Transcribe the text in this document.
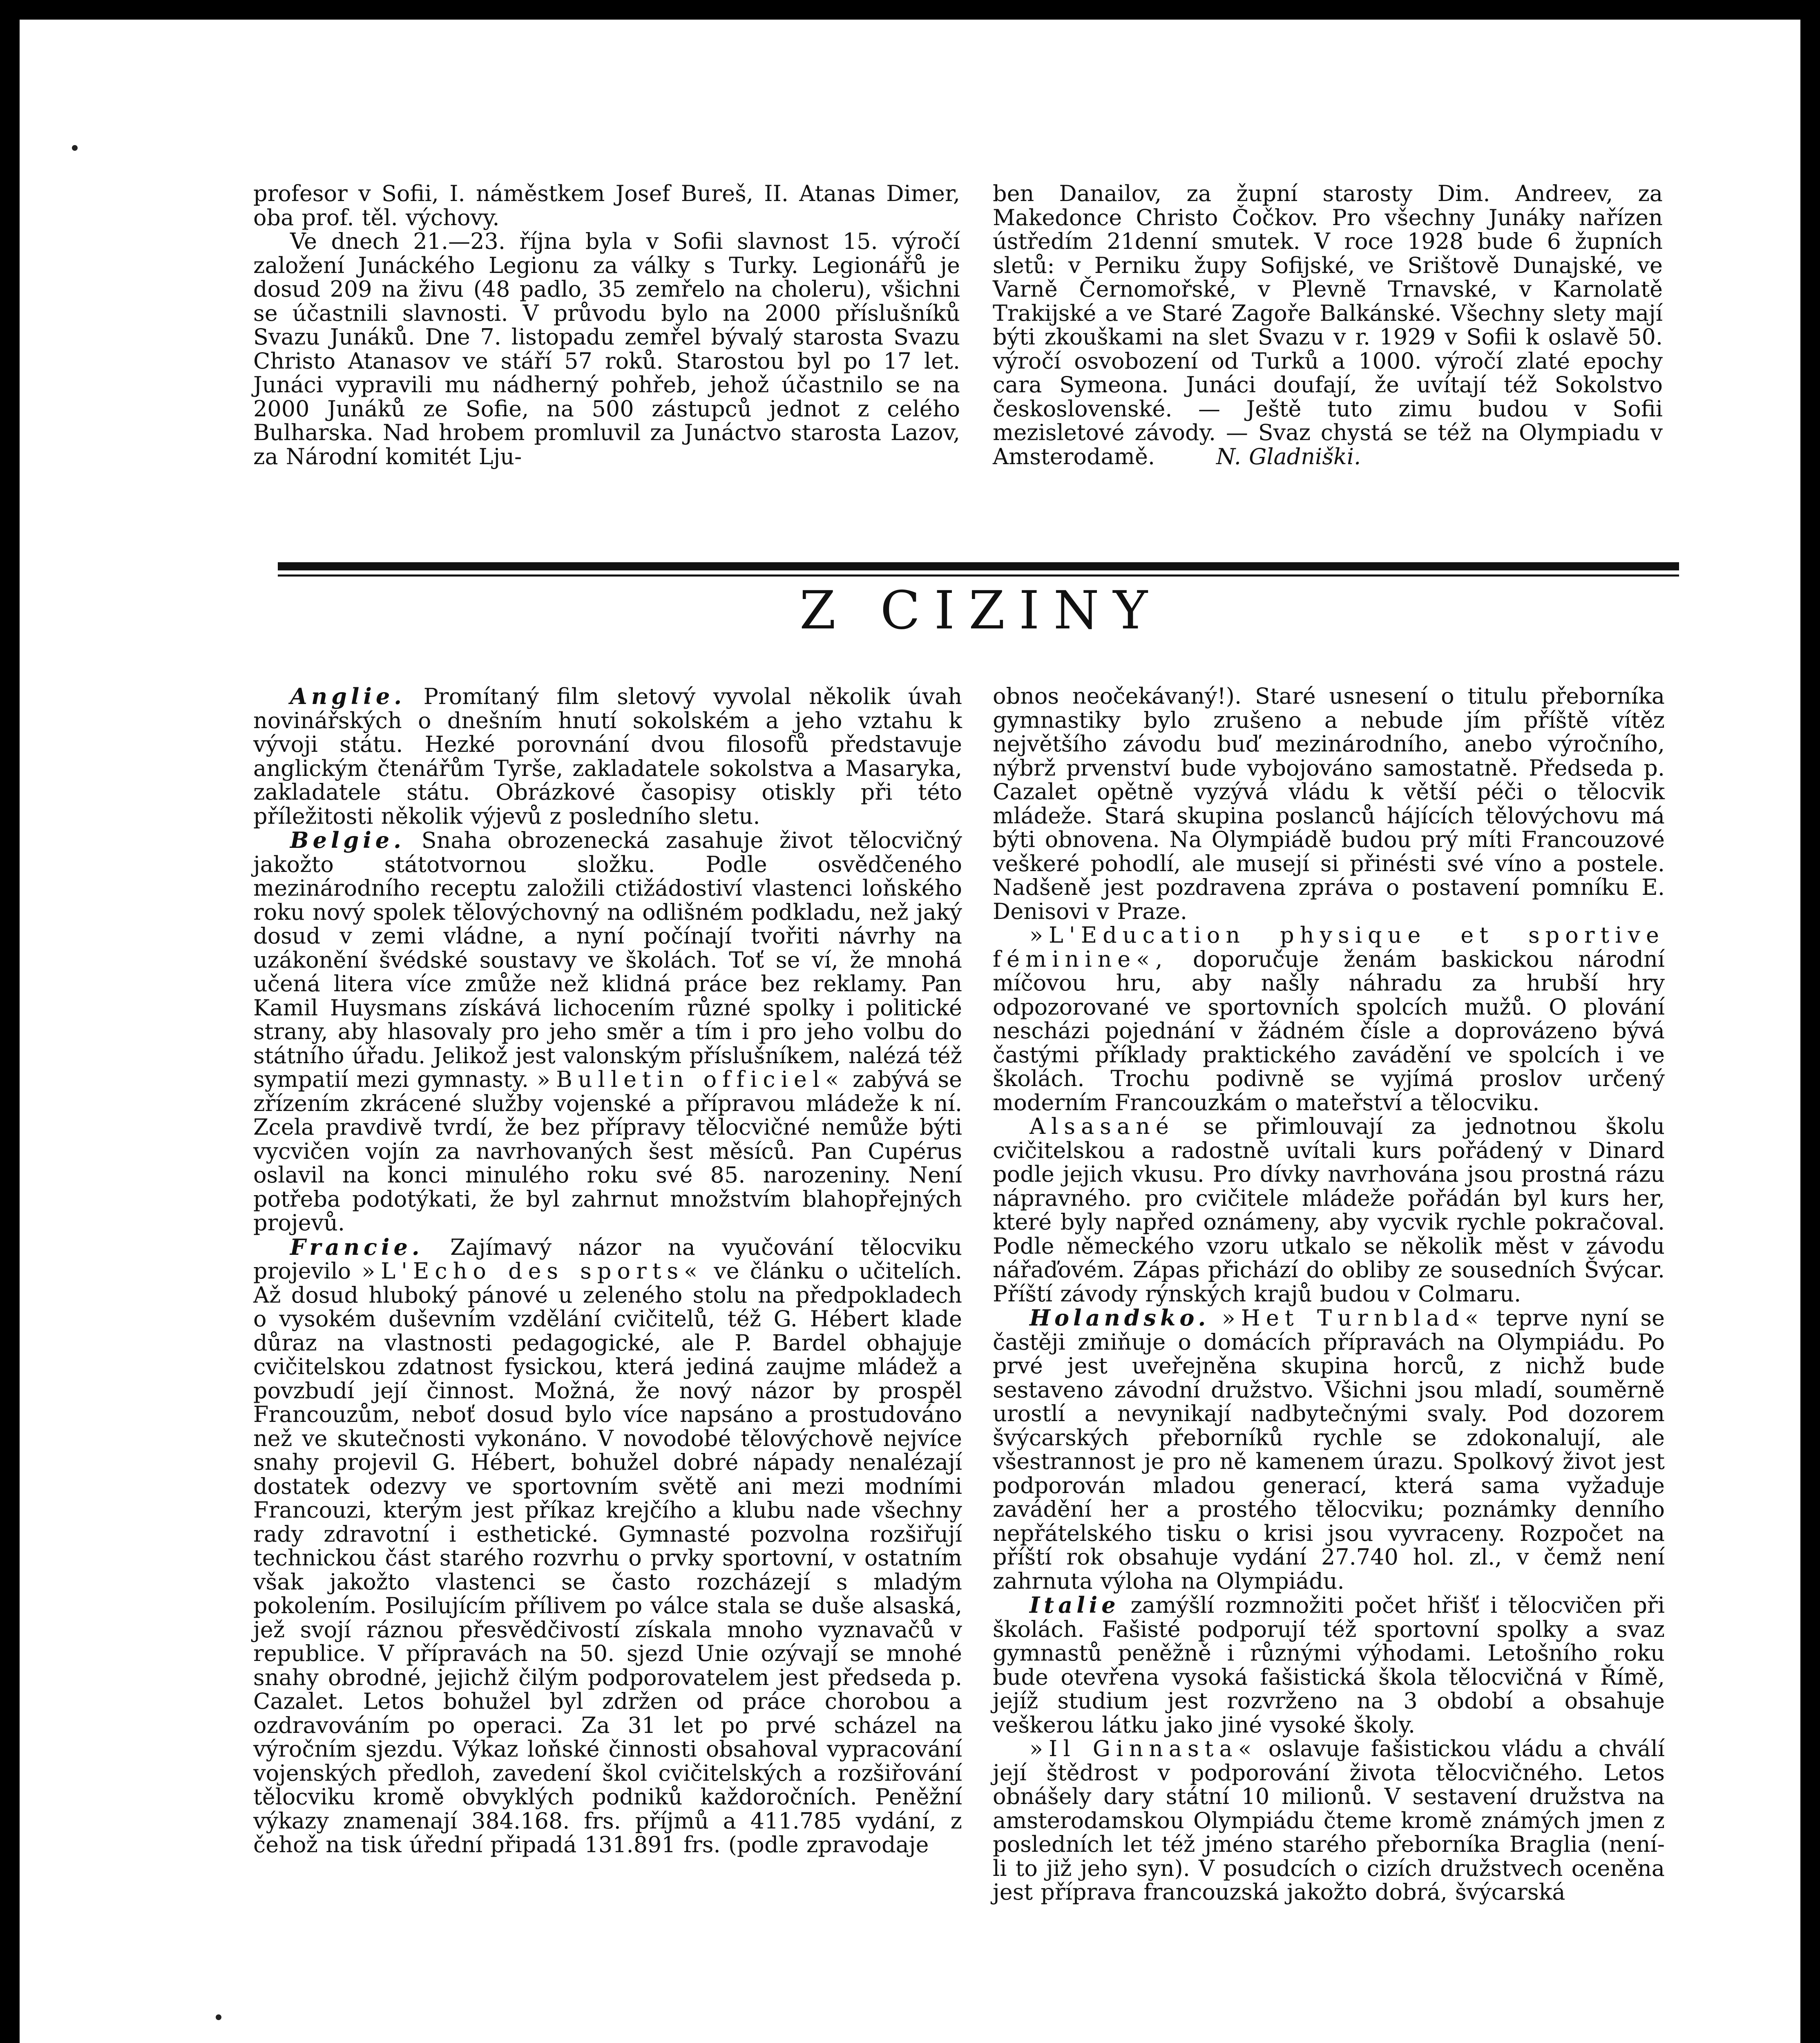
profesor v Sofii, I. náměstkem Josef Bureš, II. Atanas Dimer, oba prof. těl. výchovy.

Ve dnech 21.—23. října byla v Sofii slavnost 15. výročí založení Junáckého Legionu za války s Turky. Legionářů je dosud 209 na živu (48 padlo, 35 zemřelo na choleru), všichni se účastnili slavnosti. V průvodu bylo na 2000 příslušníků Svazu Junáků. Dne 7. listopadu zemřel bývalý starosta Svazu Christo Atanasov ve stáří 57 roků. Starostou byl po 17 let. Junáci vypravili mu nádherný pohřeb, jehož účastnilo se na 2000 Junáků ze Sofie, na 500 zástupců jednot z celého Bulharska. Nad hrobem promluvil za Junáctvo starosta Lazov, za Národní komitét Lju-

ben Danailov, za župní starosty Dim. Andreev, za Makedonce Christo Čočkov. Pro všechny Junáky nařízen ústředím 21denní smutek. V roce 1928 bude 6 župních sletů: v Perniku župy Sofijské, ve Srištově Dunajské, ve Varně Černomořské, v Plevně Trnavské, v Karnolatě Trakijské a ve Staré Zagoře Balkánské. Všechny slety mají býti zkouškami na slet Svazu v r. 1929 v Sofii k oslavě 50. výročí osvobození od Turků a 1000. výročí zlaté epochy cara Symeona. Junáci doufají, že uvítají též Sokolstvo československé. — Ještě tuto zimu budou v Sofii mezisletové závody. — Svaz chystá se též na Olympiadu v Amsterodamě.	N. Gladniški.

Z CIZINY

Anglie. Promítaný film sletový vyvolal několik úvah novinářských o dnešním hnutí sokolském a jeho vztahu k vývoji státu. Hezké porovnání dvou filosofů představuje anglickým čtenářům Tyrše, zakladatele sokolstva a Masaryka, zakladatele státu. Obrázkové časopisy otiskly při této příležitosti několik výjevů z posledního sletu.

Belgie. Snaha obrozenecká zasahuje život tělocvičný jakožto státotvornou složku. Podle osvědčeného mezinárodního receptu založili ctižádostiví vlastenci loňského roku nový spolek tělovýchovný na odlišném podkladu, než jaký dosud v zemi vládne, a nyní počínají tvořiti návrhy na uzákonění švédské soustavy ve školách. Toť se ví, že mnohá učená litera více zmůže než klidná práce bez reklamy. Pan Kamil Huysmans získává lichocením různé spolky i politické strany, aby hlasovaly pro jeho směr a tím i pro jeho volbu do státního úřadu. Jelikož jest valonským příslušníkem, nalézá též sympatií mezi gymnasty. »Bulletin officiel« zabývá se zřízením zkrácené služby vojenské a přípravou mládeže k ní. Zcela pravdivě tvrdí, že bez přípravy tělocvičné nemůže býti vycvičen vojín za navrhovaných šest měsíců. Pan Cupérus oslavil na konci minulého roku své 85. narozeniny. Není potřeba podotýkati, že byl zahrnut množstvím blahopřejných projevů.

Francie. Zajímavý názor na vyučování tělocviku projevilo »L'Echo des sports« ve článku o učitelích. Až dosud hluboký pánové u zeleného stolu na předpokladech o vysokém duševním vzdělání cvičitelů, též G. Hébert klade důraz na vlastnosti pedagogické, ale P. Bardel obhajuje cvičitelskou zdatnost fysickou, která jediná zaujme mládež a povzbudí její činnost. Možná, že nový názor by prospěl Francouzům, neboť dosud bylo více napsáno a prostudováno než ve skutečnosti vykonáno. V novodobé tělovýchově nejvíce snahy projevil G. Hébert, bohužel dobré nápady nenalézají dostatek odezvy ve sportovním světě ani mezi modními Francouzi, kterým jest příkaz krejčího a klubu nade všechny rady zdravotní i esthetické. Gymnasté pozvolna rozšiřují technickou část starého rozvrhu o prvky sportovní, v ostatním však jakožto vlastenci se často rozcházejí s mladým pokolením. Posilujícím přílivem po válce stala se duše alsaská, jež svojí ráznou přesvědčivostí získala mnoho vyznavačů v republice. V přípravách na 50. sjezd Unie ozývají se mnohé snahy obrodné, jejichž čilým podporovatelem jest předseda p. Cazalet. Letos bohužel byl zdržen od práce chorobou a ozdravováním po operaci. Za 31 let po prvé scházel na výročním sjezdu. Výkaz loňské činnosti obsahoval vypracování vojenských předloh, zavedení škol cvičitelských a rozšiřování tělocviku kromě obvyklých podniků každoročních. Peněžní výkazy znamenají 384.168. frs. příjmů a 411.785 vydání, z čehož na tisk úřední připadá 131.891 frs. (podle zpravodaje

obnos neočekávaný!). Staré usnesení o titulu přeborníka gymnastiky bylo zrušeno a nebude jím příště vítěz největšího závodu buď mezinárodního, anebo výročního, nýbrž prvenství bude vybojováno samostatně. Předseda p. Cazalet opětně vyzývá vládu k větší péči o tělocvik mládeže. Stará skupina poslanců hájících tělovýchovu má býti obnovena. Na Olympiádě budou prý míti Francouzové veškeré pohodlí, ale musejí si přinésti své víno a postele. Nadšeně jest pozdravena zpráva o postavení pomníku E. Denisovi v Praze.

»L'Education physique et sportive féminine«, doporučuje ženám baskickou národní míčovou hru, aby našly náhradu za hrubší hry odpozorované ve sportovních spolcích mužů. O plování nescházi pojednání v žádném čísle a doprovázeno bývá častými příklady praktického zavádění ve spolcích i ve školách. Trochu podivně se vyjímá proslov určený moderním Francouzkám o mateřství a tělocviku.

Alsasané se přimlouvají za jednotnou školu cvičitelskou a radostně uvítali kurs pořádený v Dinard podle jejich vkusu. Pro dívky navrhována jsou prostná rázu nápravného. pro cvičitele mládeže pořádán byl kurs her, které byly napřed oznámeny, aby vycvik rychle pokračoval. Podle německého vzoru utkalo se několik měst v závodu nářaďovém. Zápas přichází do obliby ze sousedních Švýcar. Příští závody rýnských krajů budou v Colmaru.

Holandsko. »Het Turnblad« teprve nyní se častěji zmiňuje o domácích přípravách na Olympiádu. Po prvé jest uveřejněna skupina horců, z nichž bude sestaveno závodní družstvo. Všichni jsou mladí, souměrně urostlí a nevynikají nadbytečnými svaly. Pod dozorem švýcarských přeborníků rychle se zdokonalují, ale všestrannost je pro ně kamenem úrazu. Spolkový život jest podporován mladou generací, která sama vyžaduje zavádění her a prostého tělocviku; poznámky denního nepřátelského tisku o krisi jsou vyvraceny. Rozpočet na příští rok obsahuje vydání 27.740 hol. zl., v čemž není zahrnuta výloha na Olympiádu.

Italie zamýšlí rozmnožiti počet hřišť i tělocvičen při školách. Fašisté podporují též sportovní spolky a svaz gymnastů peněžně i různými výhodami. Letošního roku bude otevřena vysoká fašistická škola tělocvičná v Římě, jejíž studium jest rozvrženo na 3 období a obsahuje veškerou látku jako jiné vysoké školy.

»Il Ginnasta« oslavuje fašistickou vládu a chválí její štědrost v podporování života tělocvičného. Letos obnášely dary státní 10 milionů. V sestavení družstva na amsterodamskou Olympiádu čteme kromě známých jmen z posledních let též jméno starého přeborníka Braglia (není-li to již jeho syn). V posudcích o cizích družstvech oceněna jest příprava francouzská jakožto dobrá, švýcarská
